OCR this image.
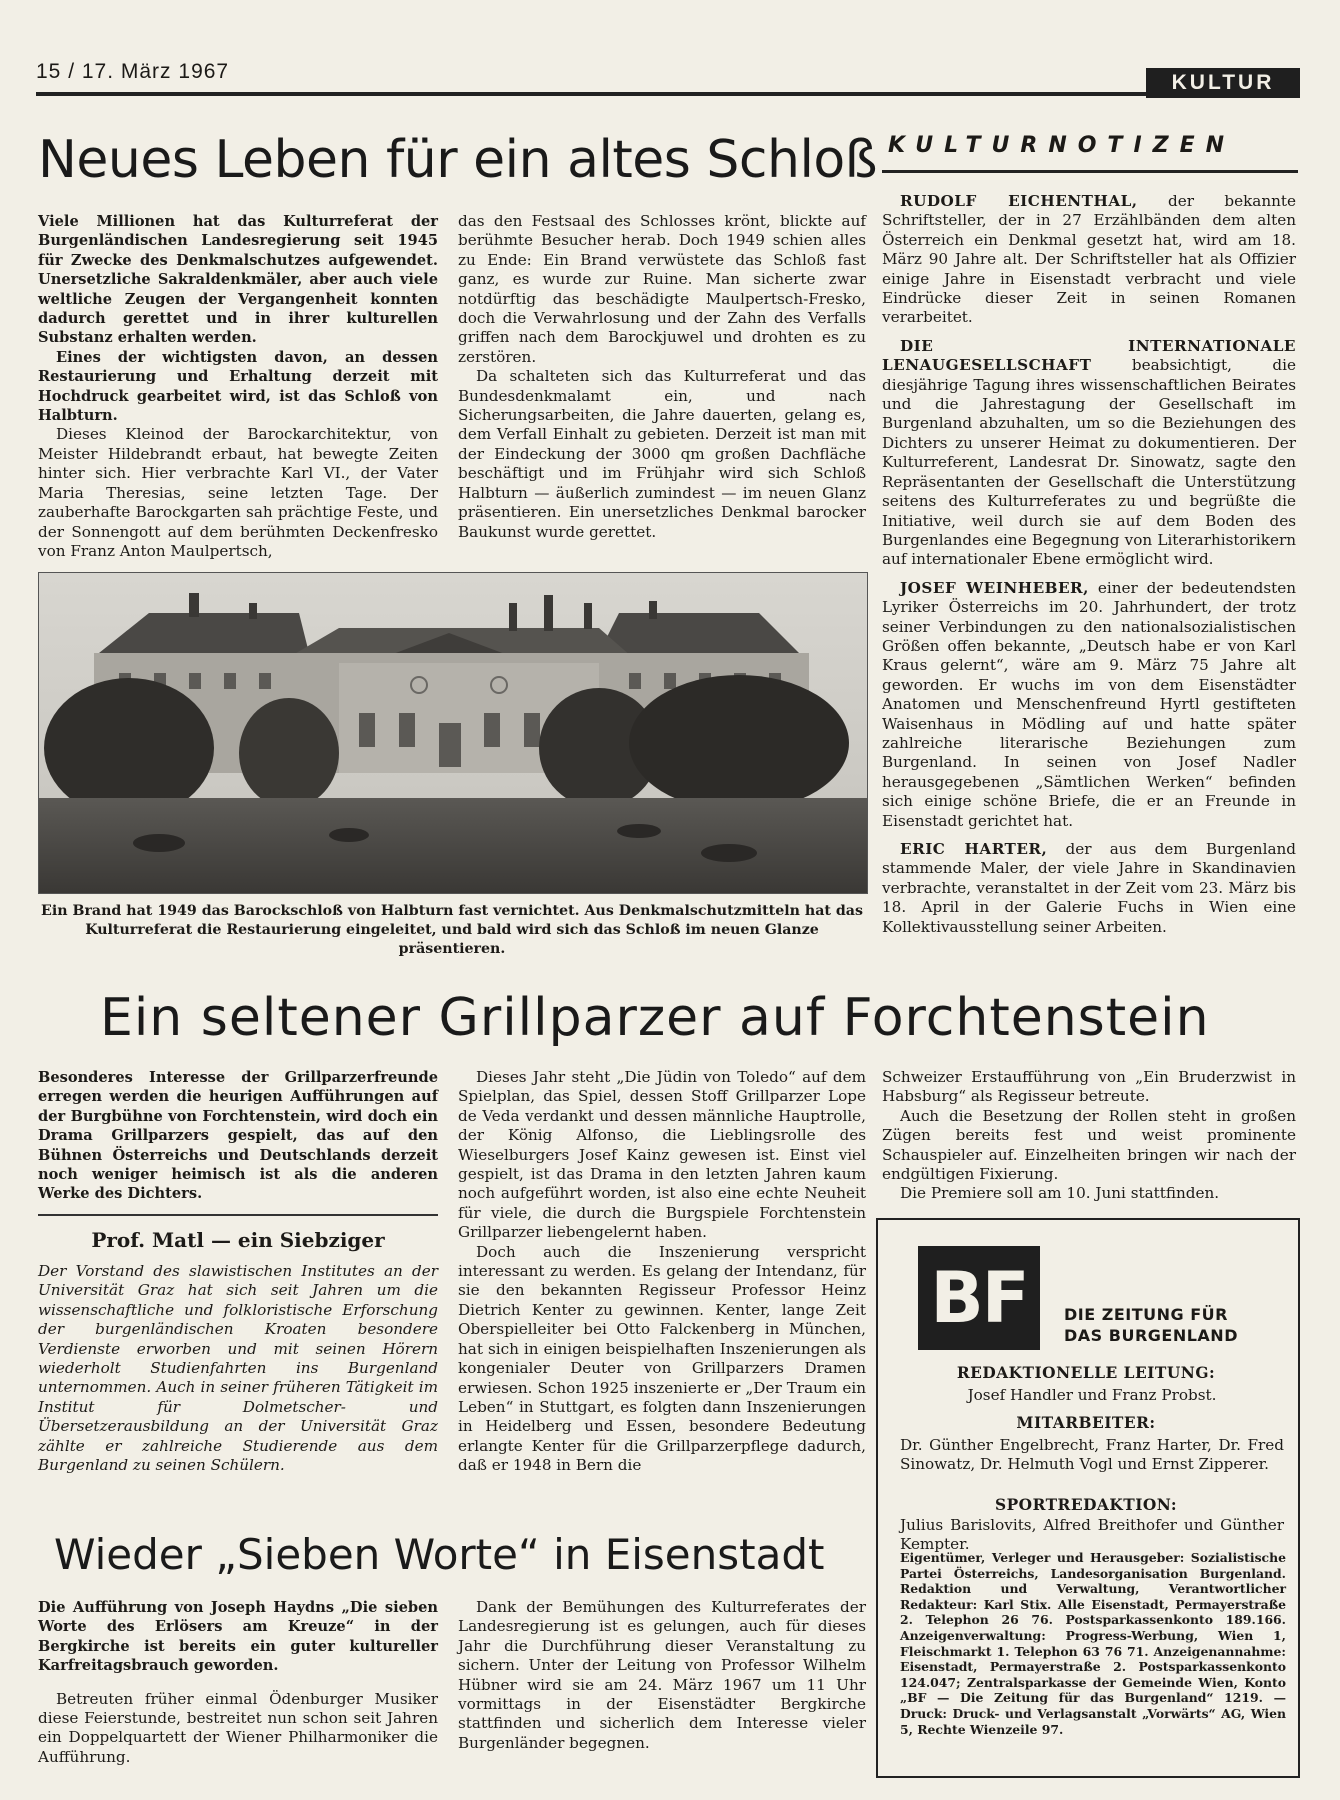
15 / 17. März 1967	KULTUR
Neues Leben für ein altes Schloß

Viele Millionen hat das Kulturreferat der Burgenländischen Landesregierung seit 1945 für Zwecke des Denkmalschutzes aufgewendet. Unersetzliche Sakraldenkmäler, aber auch viele weltliche Zeugen der Vergangenheit konnten dadurch gerettet und in ihrer kulturellen Substanz erhalten werden.

Eines der wichtigsten davon, an dessen Restaurierung und Erhaltung derzeit mit Hochdruck gearbeitet wird, ist das Schloß von Halbturn.

Dieses Kleinod der Barockarchitektur, von Meister Hildebrandt erbaut, hat bewegte Zeiten hinter sich. Hier verbrachte Karl VI., der Vater Maria Theresias, seine letzten Tage. Der zauberhafte Barockgarten sah prächtige Feste, und der Sonnengott auf dem berühmten Deckenfresko von Franz Anton Maulpertsch,

das den Festsaal des Schlosses krönt, blickte auf berühmte Besucher herab. Doch 1949 schien alles zu Ende: Ein Brand verwüstete das Schloß fast ganz, es wurde zur Ruine. Man sicherte zwar notdürftig das beschädigte Maulpertsch-Fresko, doch die Verwahrlosung und der Zahn des Verfalls griffen nach dem Barockjuwel und drohten es zu zerstören.

Da schalteten sich das Kulturreferat und das Bundesdenkmalamt ein, und nach Sicherungsarbeiten, die Jahre dauerten, gelang es, dem Verfall Einhalt zu gebieten. Derzeit ist man mit der Eindeckung der 3000 qm großen Dachfläche beschäftigt und im Frühjahr wird sich Schloß Halbturn — äußerlich zumindest — im neuen Glanz präsentieren. Ein unersetzliches Denkmal barocker Baukunst wurde gerettet.

Ein Brand hat 1949 das Barockschloß von Halbturn fast vernichtet. Aus Denkmalschutzmitteln hat das Kulturreferat die Restaurierung eingeleitet, und bald wird sich das Schloß im neuen Glanze präsentieren.
KULTURNOTIZEN

RUDOLF EICHENTHAL, der bekannte Schriftsteller, der in 27 Erzählbänden dem alten Österreich ein Denkmal gesetzt hat, wird am 18. März 90 Jahre alt. Der Schriftsteller hat als Offizier einige Jahre in Eisenstadt verbracht und viele Eindrücke dieser Zeit in seinen Romanen verarbeitet.

DIE INTERNATIONALE LENAUGESELLSCHAFT beabsichtigt, die diesjährige Tagung ihres wissenschaftlichen Beirates und die Jahrestagung der Gesellschaft im Burgenland abzuhalten, um so die Beziehungen des Dichters zu unserer Heimat zu dokumentieren. Der Kulturreferent, Landesrat Dr. Sinowatz, sagte den Repräsentanten der Gesellschaft die Unterstützung seitens des Kulturreferates zu und begrüßte die Initiative, weil durch sie auf dem Boden des Burgenlandes eine Begegnung von Literarhistorikern auf internationaler Ebene ermöglicht wird.

JOSEF WEINHEBER, einer der bedeutendsten Lyriker Österreichs im 20. Jahrhundert, der trotz seiner Verbindungen zu den nationalsozialistischen Größen offen bekannte, „Deutsch habe er von Karl Kraus gelernt“, wäre am 9. März 75 Jahre alt geworden. Er wuchs im von dem Eisenstädter Anatomen und Menschenfreund Hyrtl gestifteten Waisenhaus in Mödling auf und hatte später zahlreiche literarische Beziehungen zum Burgenland. In seinen von Josef Nadler herausgegebenen „Sämtlichen Werken“ befinden sich einige schöne Briefe, die er an Freunde in Eisenstadt gerichtet hat.

ERIC HARTER, der aus dem Burgenland stammende Maler, der viele Jahre in Skandinavien verbrachte, veranstaltet in der Zeit vom 23. März bis 18. April in der Galerie Fuchs in Wien eine Kollektivausstellung seiner Arbeiten.

Ein seltener Grillparzer auf Forchtenstein

Besonderes Interesse der Grillparzerfreunde erregen werden die heurigen Aufführungen auf der Burgbühne von Forchtenstein, wird doch ein Drama Grillparzers gespielt, das auf den Bühnen Österreichs und Deutschlands derzeit noch weniger heimisch ist als die anderen Werke des Dichters.

Dieses Jahr steht „Die Jüdin von Toledo“ auf dem Spielplan, das Spiel, dessen Stoff Grillparzer Lope de Veda verdankt und dessen männliche Hauptrolle, der König Alfonso, die Lieblingsrolle des Wieselburgers Josef Kainz gewesen ist. Einst viel gespielt, ist das Drama in den letzten Jahren kaum noch aufgeführt worden, ist also eine echte Neuheit für viele, die durch die Burgspiele Forchtenstein Grillparzer liebengelernt haben.

Doch auch die Inszenierung verspricht interessant zu werden. Es gelang der Intendanz, für sie den bekannten Regisseur Professor Heinz Dietrich Kenter zu gewinnen. Kenter, lange Zeit Oberspielleiter bei Otto Falckenberg in München, hat sich in einigen beispielhaften Inszenierungen als kongenialer Deuter von Grillparzers Dramen erwiesen. Schon 1925 inszenierte er „Der Traum ein Leben“ in Stuttgart, es folgten dann Inszenierungen in Heidelberg und Essen, besondere Bedeutung erlangte Kenter für die Grillparzerpflege dadurch, daß er 1948 in Bern die

Schweizer Erstaufführung von „Ein Bruderzwist in Habsburg“ als Regisseur betreute.

Auch die Besetzung der Rollen steht in großen Zügen bereits fest und weist prominente Schauspieler auf. Einzelheiten bringen wir nach der endgültigen Fixierung.

Die Premiere soll am 10. Juni stattfinden.

Prof. Matl — ein Siebziger

Der Vorstand des slawistischen Institutes an der Universität Graz hat sich seit Jahren um die wissenschaftliche und folkloristische Erforschung der burgenländischen Kroaten besondere Verdienste erworben und mit seinen Hörern wiederholt Studienfahrten ins Burgenland unternommen. Auch in seiner früheren Tätigkeit im Institut für Dolmetscher- und Übersetzerausbildung an der Universität Graz zählte er zahlreiche Studierende aus dem Burgenland zu seinen Schülern.

Wieder „Sieben Worte“ in Eisenstadt

Die Aufführung von Joseph Haydns „Die sieben Worte des Erlösers am Kreuze“ in der Bergkirche ist bereits ein guter kultureller Karfreitagsbrauch geworden.

Betreuten früher einmal Ödenburger Musiker diese Feierstunde, bestreitet nun schon seit Jahren ein Doppelquartett der Wiener Philharmoniker die Aufführung.

Dank der Bemühungen des Kulturreferates der Landesregierung ist es gelungen, auch für dieses Jahr die Durchführung dieser Veranstaltung zu sichern. Unter der Leitung von Professor Wilhelm Hübner wird sie am 24. März 1967 um 11 Uhr vormittags in der Eisenstädter Bergkirche stattfinden und sicherlich dem Interesse vieler Burgenländer begegnen.

BF	DIE ZEITUNG FÜR
DAS BURGENLAND
REDAKTIONELLE LEITUNG:
Josef Handler und Franz Probst.
MITARBEITER:
Dr. Günther Engelbrecht, Franz Harter, Dr. Fred Sinowatz, Dr. Helmuth Vogl und Ernst Zipperer.
SPORTREDAKTION:
Julius Barislovits, Alfred Breithofer und Günther Kempter.
Eigentümer, Verleger und Herausgeber: Sozialistische Partei Österreichs, Landesorganisation Burgenland. Redaktion und Verwaltung, Verantwortlicher Redakteur: Karl Stix. Alle Eisenstadt, Permayerstraße 2. Telephon 26 76. Postsparkassenkonto 189.166. Anzeigenverwaltung: Progress-Werbung, Wien 1, Fleischmarkt 1. Telephon 63 76 71. Anzeigenannahme: Eisenstadt, Permayerstraße 2. Postsparkassenkonto 124.047; Zentralsparkasse der Gemeinde Wien, Konto „BF — Die Zeitung für das Burgenland“ 1219. — Druck: Druck- und Verlagsanstalt „Vorwärts“ AG, Wien 5, Rechte Wienzeile 97.
